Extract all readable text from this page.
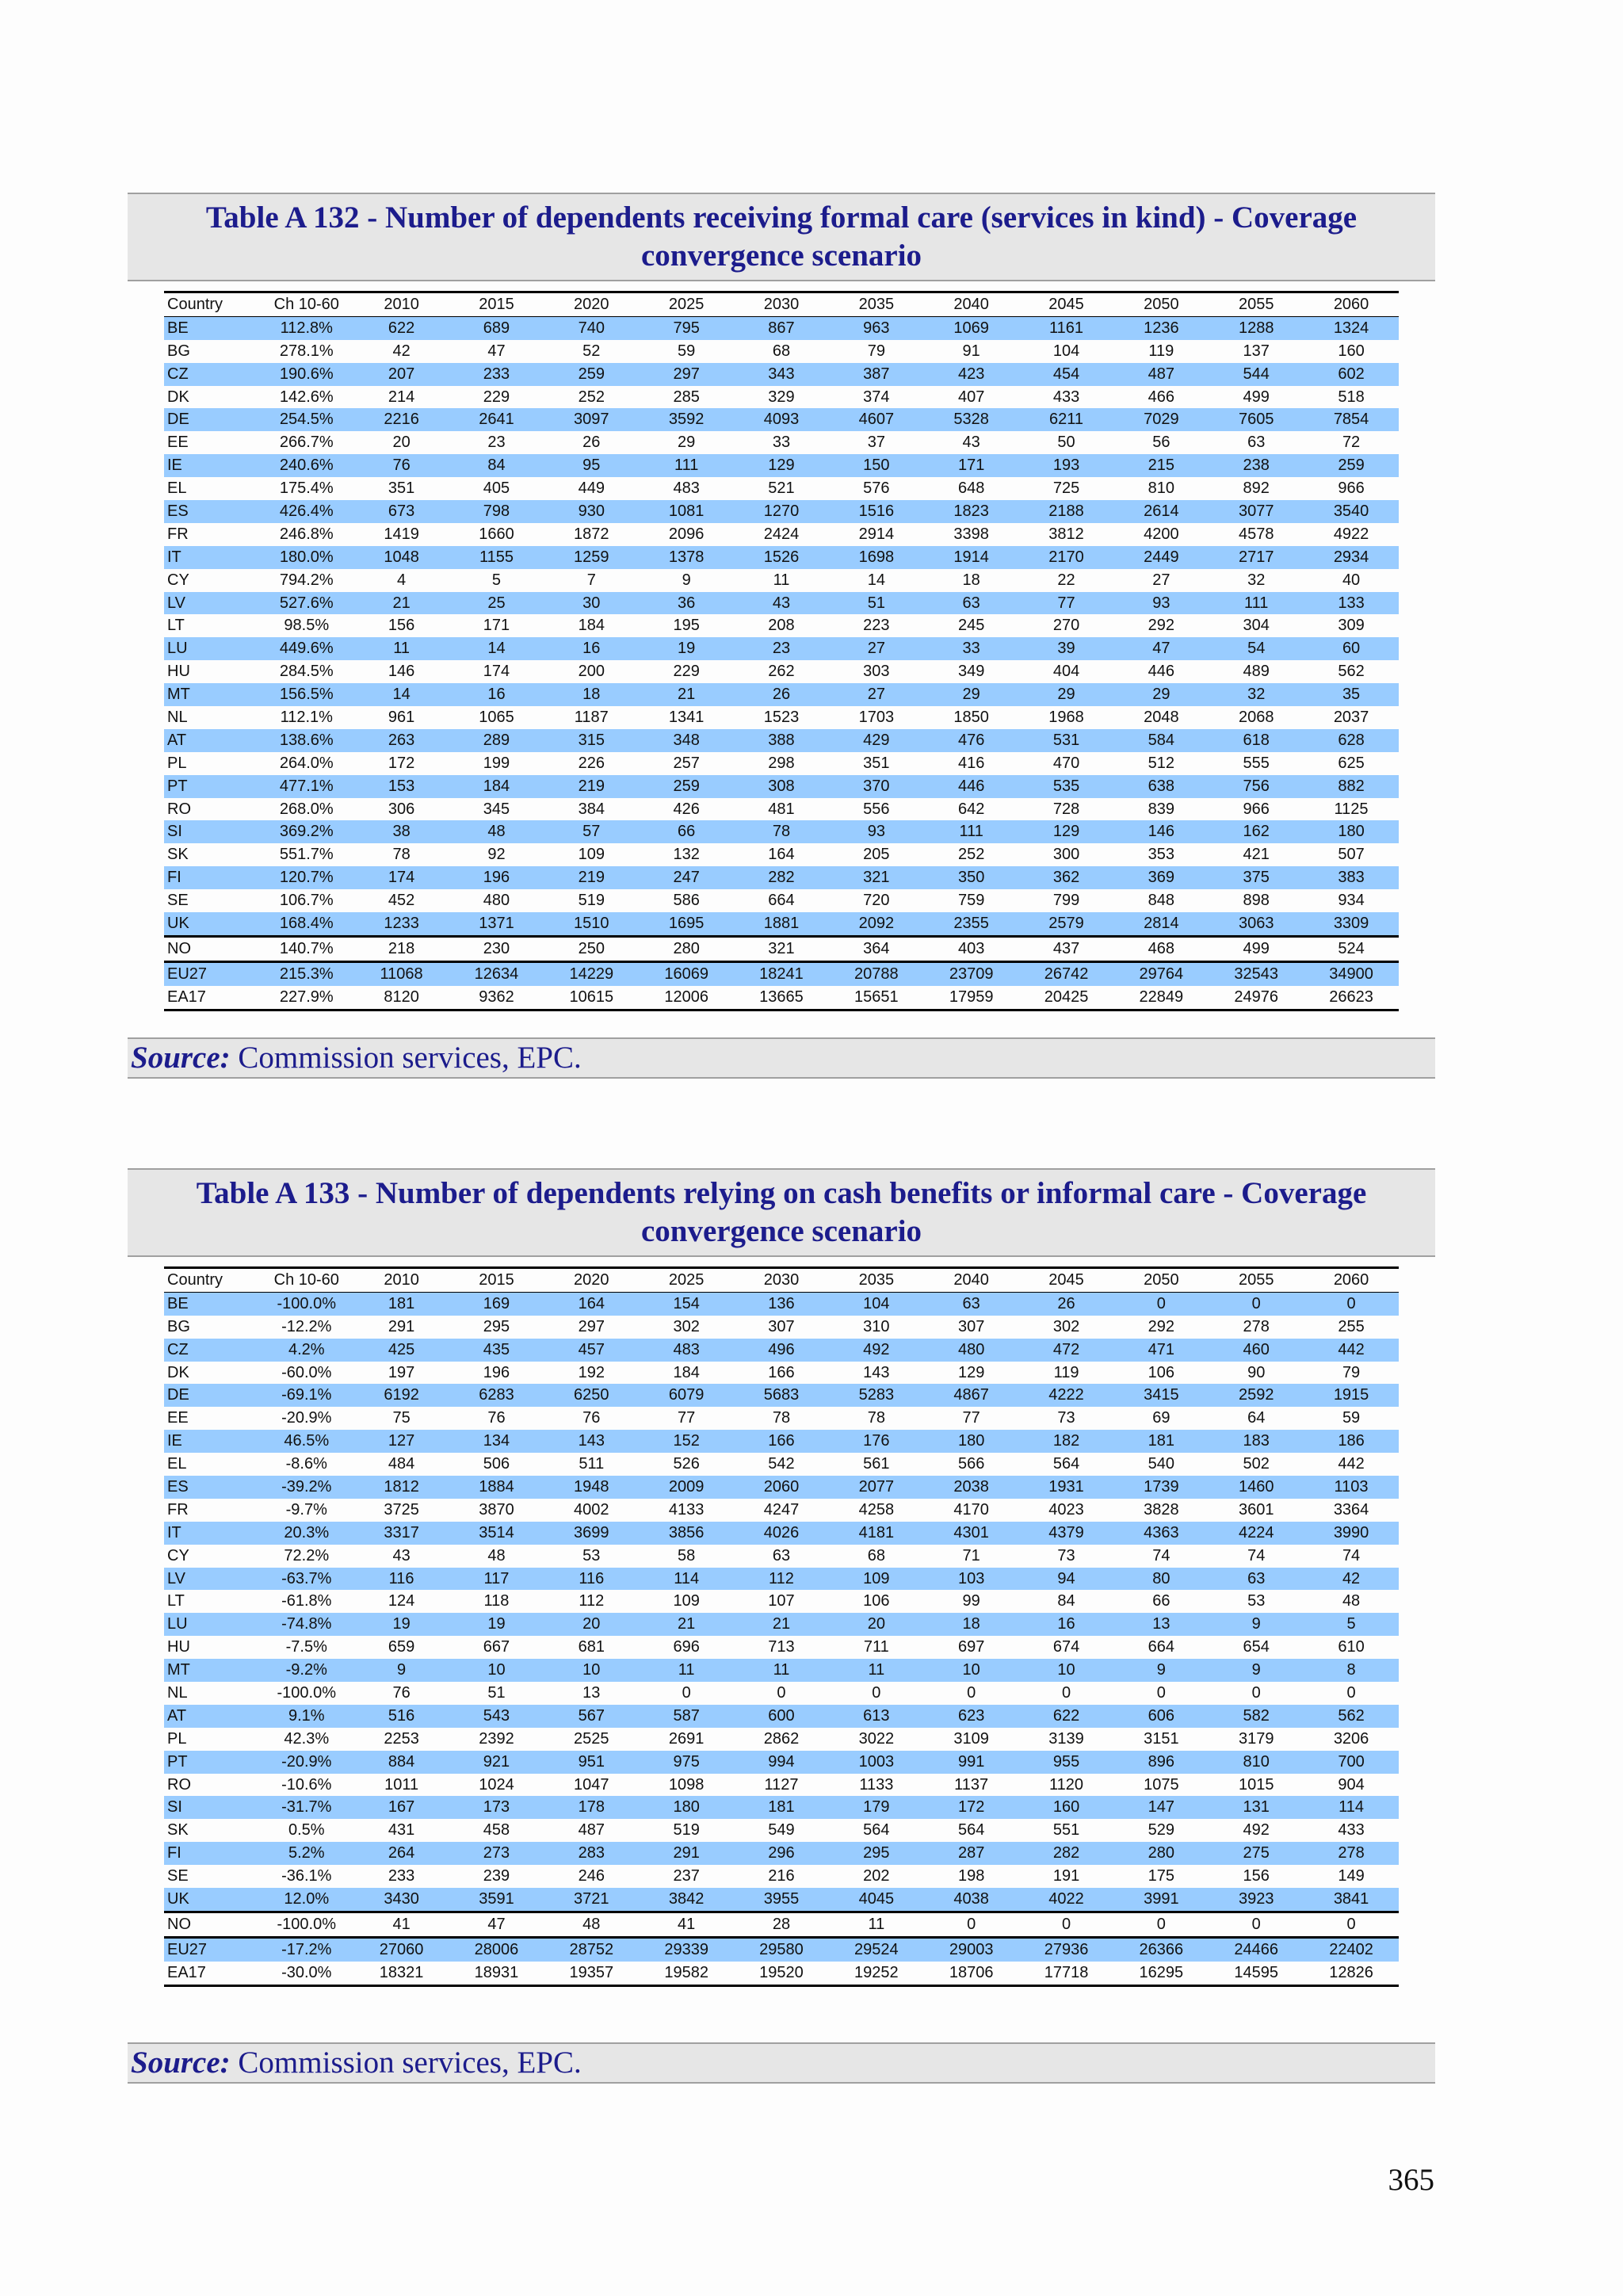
Table A 132 - Number of dependents receiving formal care (services in kind) - Coverage convergence scenario
Country	Ch 10-60	2010	2015	2020	2025	2030	2035	2040	2045	2050	2055	2060
BE	112.8%	622	689	740	795	867	963	1069	1161	1236	1288	1324
BG	278.1%	42	47	52	59	68	79	91	104	119	137	160
CZ	190.6%	207	233	259	297	343	387	423	454	487	544	602
DK	142.6%	214	229	252	285	329	374	407	433	466	499	518
DE	254.5%	2216	2641	3097	3592	4093	4607	5328	6211	7029	7605	7854
EE	266.7%	20	23	26	29	33	37	43	50	56	63	72
IE	240.6%	76	84	95	111	129	150	171	193	215	238	259
EL	175.4%	351	405	449	483	521	576	648	725	810	892	966
ES	426.4%	673	798	930	1081	1270	1516	1823	2188	2614	3077	3540
FR	246.8%	1419	1660	1872	2096	2424	2914	3398	3812	4200	4578	4922
IT	180.0%	1048	1155	1259	1378	1526	1698	1914	2170	2449	2717	2934
CY	794.2%	4	5	7	9	11	14	18	22	27	32	40
LV	527.6%	21	25	30	36	43	51	63	77	93	111	133
LT	98.5%	156	171	184	195	208	223	245	270	292	304	309
LU	449.6%	11	14	16	19	23	27	33	39	47	54	60
HU	284.5%	146	174	200	229	262	303	349	404	446	489	562
MT	156.5%	14	16	18	21	26	27	29	29	29	32	35
NL	112.1%	961	1065	1187	1341	1523	1703	1850	1968	2048	2068	2037
AT	138.6%	263	289	315	348	388	429	476	531	584	618	628
PL	264.0%	172	199	226	257	298	351	416	470	512	555	625
PT	477.1%	153	184	219	259	308	370	446	535	638	756	882
RO	268.0%	306	345	384	426	481	556	642	728	839	966	1125
SI	369.2%	38	48	57	66	78	93	111	129	146	162	180
SK	551.7%	78	92	109	132	164	205	252	300	353	421	507
FI	120.7%	174	196	219	247	282	321	350	362	369	375	383
SE	106.7%	452	480	519	586	664	720	759	799	848	898	934
UK	168.4%	1233	1371	1510	1695	1881	2092	2355	2579	2814	3063	3309
NO	140.7%	218	230	250	280	321	364	403	437	468	499	524
EU27	215.3%	11068	12634	14229	16069	18241	20788	23709	26742	29764	32543	34900
EA17	227.9%	8120	9362	10615	12006	13665	15651	17959	20425	22849	24976	26623
Source: Commission services, EPC.
Table A 133 - Number of dependents relying on cash benefits or informal care - Coverage convergence scenario
Country	Ch 10-60	2010	2015	2020	2025	2030	2035	2040	2045	2050	2055	2060
BE	-100.0%	181	169	164	154	136	104	63	26	0	0	0
BG	-12.2%	291	295	297	302	307	310	307	302	292	278	255
CZ	4.2%	425	435	457	483	496	492	480	472	471	460	442
DK	-60.0%	197	196	192	184	166	143	129	119	106	90	79
DE	-69.1%	6192	6283	6250	6079	5683	5283	4867	4222	3415	2592	1915
EE	-20.9%	75	76	76	77	78	78	77	73	69	64	59
IE	46.5%	127	134	143	152	166	176	180	182	181	183	186
EL	-8.6%	484	506	511	526	542	561	566	564	540	502	442
ES	-39.2%	1812	1884	1948	2009	2060	2077	2038	1931	1739	1460	1103
FR	-9.7%	3725	3870	4002	4133	4247	4258	4170	4023	3828	3601	3364
IT	20.3%	3317	3514	3699	3856	4026	4181	4301	4379	4363	4224	3990
CY	72.2%	43	48	53	58	63	68	71	73	74	74	74
LV	-63.7%	116	117	116	114	112	109	103	94	80	63	42
LT	-61.8%	124	118	112	109	107	106	99	84	66	53	48
LU	-74.8%	19	19	20	21	21	20	18	16	13	9	5
HU	-7.5%	659	667	681	696	713	711	697	674	664	654	610
MT	-9.2%	9	10	10	11	11	11	10	10	9	9	8
NL	-100.0%	76	51	13	0	0	0	0	0	0	0	0
AT	9.1%	516	543	567	587	600	613	623	622	606	582	562
PL	42.3%	2253	2392	2525	2691	2862	3022	3109	3139	3151	3179	3206
PT	-20.9%	884	921	951	975	994	1003	991	955	896	810	700
RO	-10.6%	1011	1024	1047	1098	1127	1133	1137	1120	1075	1015	904
SI	-31.7%	167	173	178	180	181	179	172	160	147	131	114
SK	0.5%	431	458	487	519	549	564	564	551	529	492	433
FI	5.2%	264	273	283	291	296	295	287	282	280	275	278
SE	-36.1%	233	239	246	237	216	202	198	191	175	156	149
UK	12.0%	3430	3591	3721	3842	3955	4045	4038	4022	3991	3923	3841
NO	-100.0%	41	47	48	41	28	11	0	0	0	0	0
EU27	-17.2%	27060	28006	28752	29339	29580	29524	29003	27936	26366	24466	22402
EA17	-30.0%	18321	18931	19357	19582	19520	19252	18706	17718	16295	14595	12826
Source: Commission services, EPC.
365
